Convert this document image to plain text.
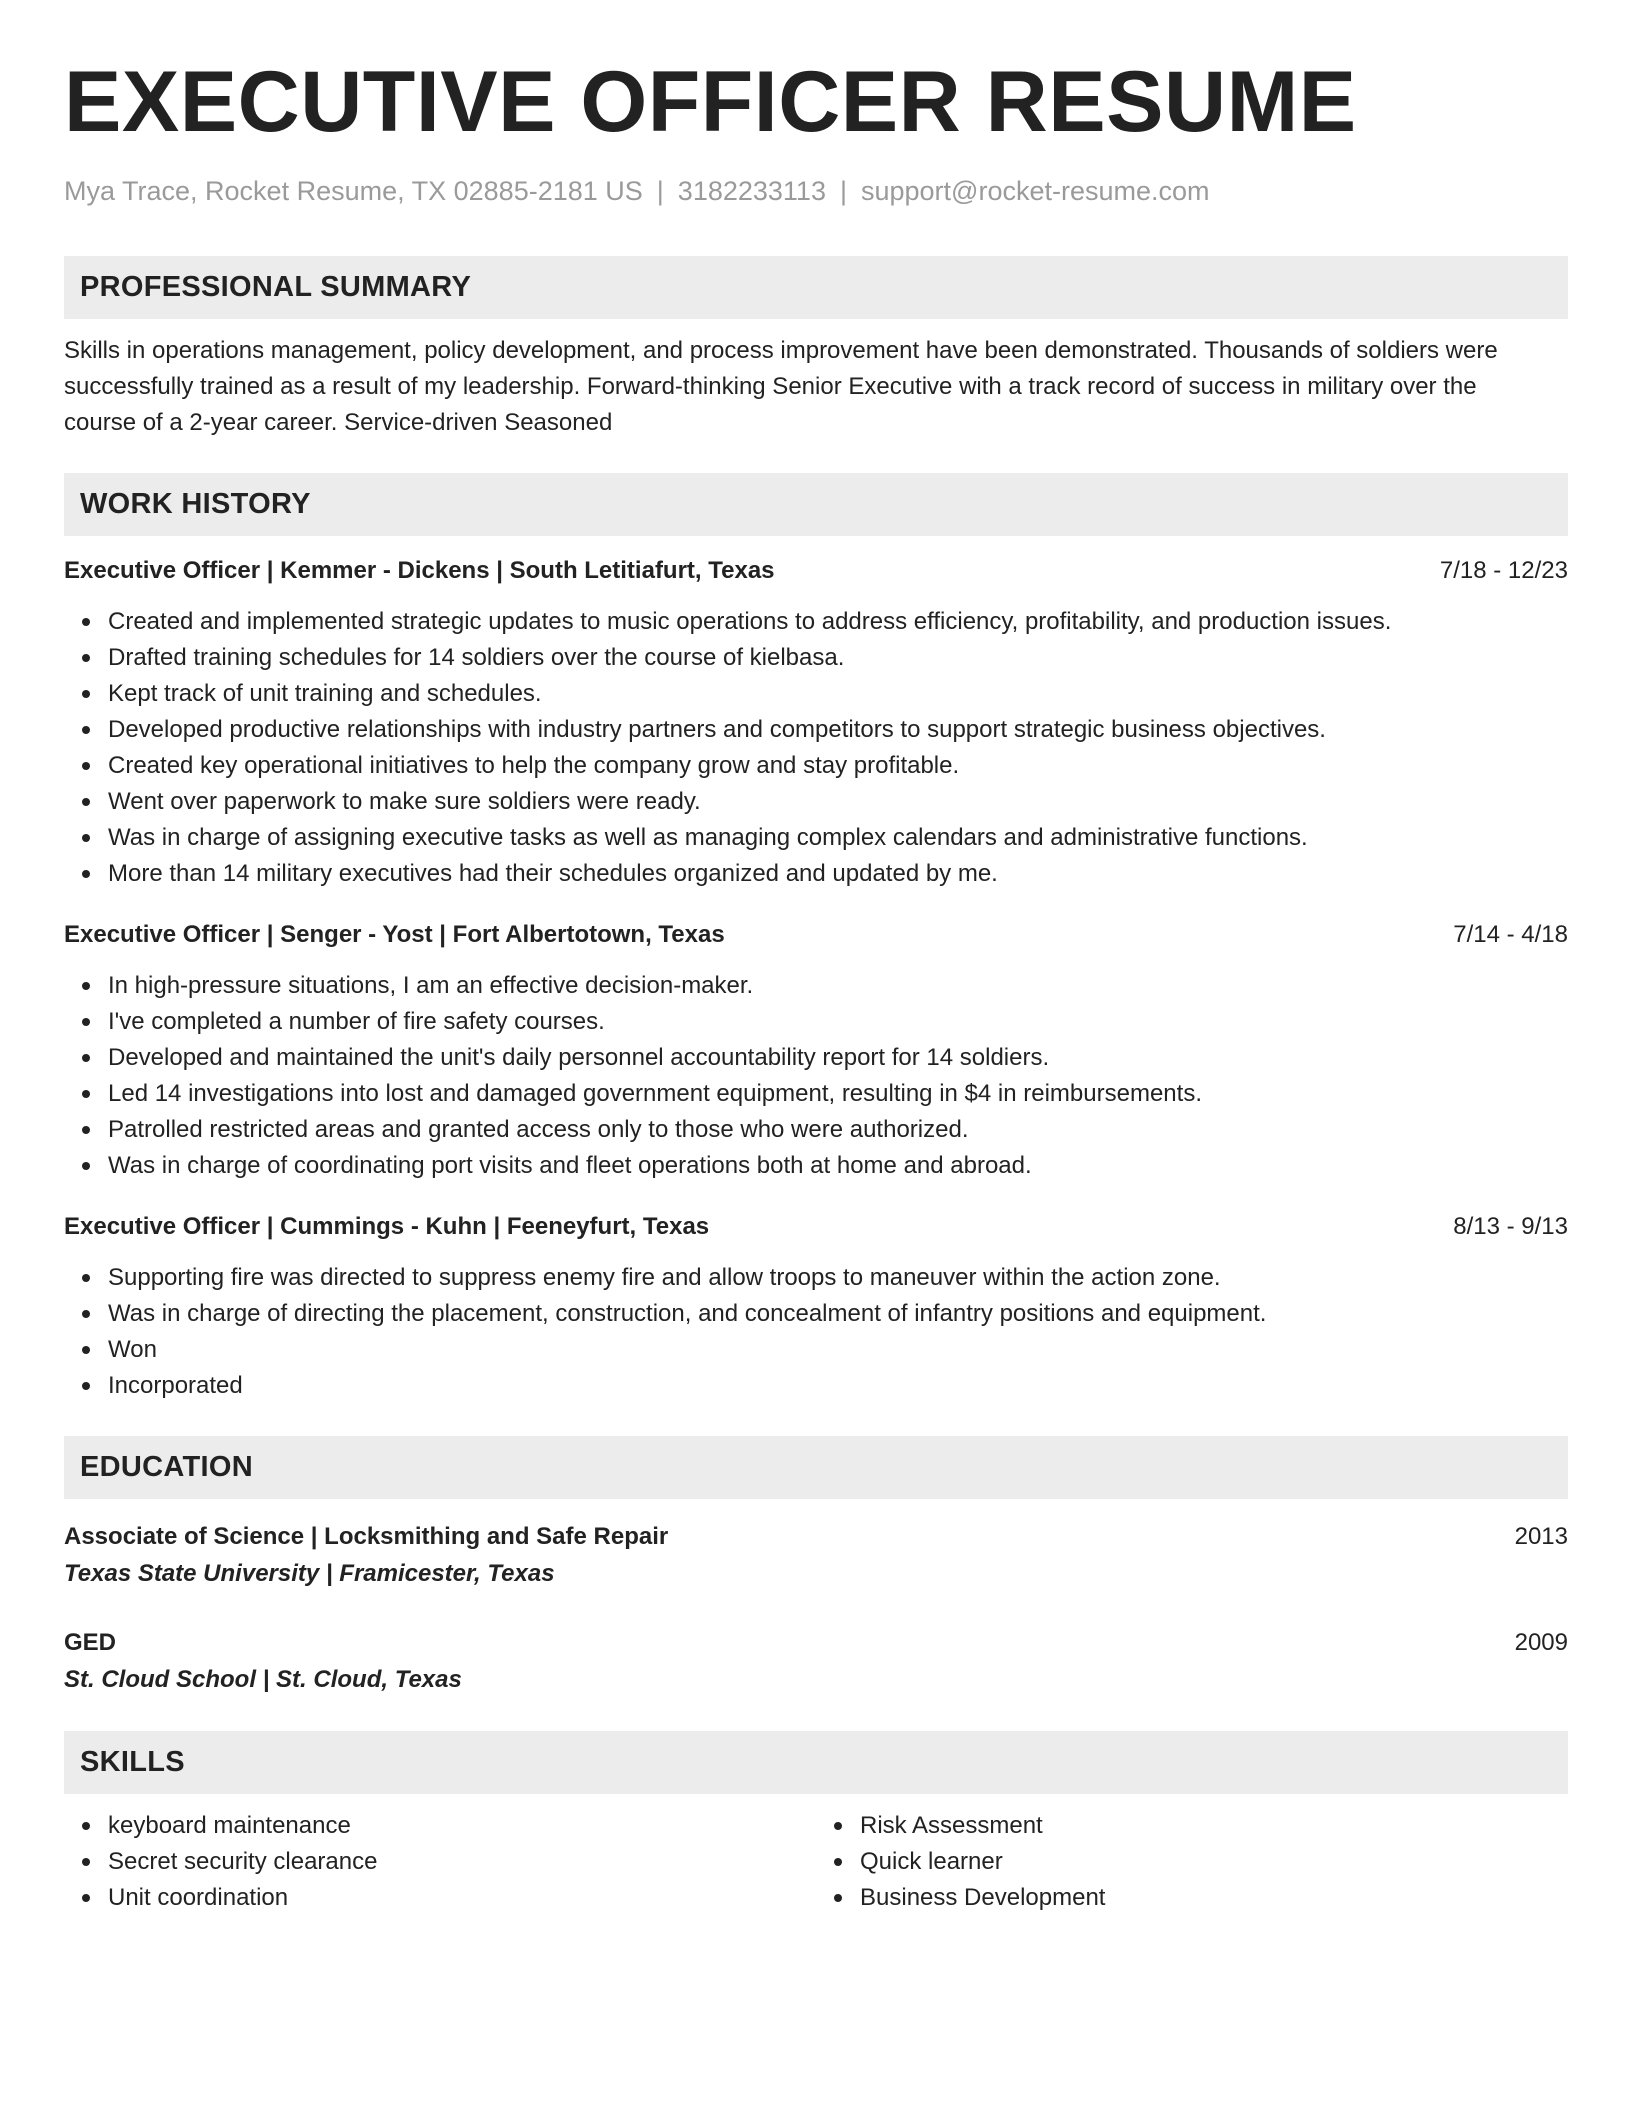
EXECUTIVE OFFICER RESUME
Mya Trace, Rocket Resume, TX 02885-2181 US | 3182233113 | support@rocket-resume.com
PROFESSIONAL SUMMARY
Skills in operations management, policy development, and process improvement have been demonstrated. Thousands of soldiers were
successfully trained as a result of my leadership. Forward-thinking Senior Executive with a track record of success in military over the
course of a 2-year career. Service-driven Seasoned
WORK HISTORY
Executive Officer | Kemmer - Dickens | South Letitiafurt, Texas	7/18 - 12/23
Created and implemented strategic updates to music operations to address efficiency, profitability, and production issues.
Drafted training schedules for 14 soldiers over the course of kielbasa.
Kept track of unit training and schedules.
Developed productive relationships with industry partners and competitors to support strategic business objectives.
Created key operational initiatives to help the company grow and stay profitable.
Went over paperwork to make sure soldiers were ready.
Was in charge of assigning executive tasks as well as managing complex calendars and administrative functions.
More than 14 military executives had their schedules organized and updated by me.
Executive Officer | Senger - Yost | Fort Albertotown, Texas	7/14 - 4/18
In high-pressure situations, I am an effective decision-maker.
I've completed a number of fire safety courses.
Developed and maintained the unit's daily personnel accountability report for 14 soldiers.
Led 14 investigations into lost and damaged government equipment, resulting in $4 in reimbursements.
Patrolled restricted areas and granted access only to those who were authorized.
Was in charge of coordinating port visits and fleet operations both at home and abroad.
Executive Officer | Cummings - Kuhn | Feeneyfurt, Texas	8/13 - 9/13
Supporting fire was directed to suppress enemy fire and allow troops to maneuver within the action zone.
Was in charge of directing the placement, construction, and concealment of infantry positions and equipment.
Won
Incorporated
EDUCATION
Associate of Science | Locksmithing and Safe Repair	2013
Texas State University | Framicester, Texas
GED	2009
St. Cloud School | St. Cloud, Texas
SKILLS
keyboard maintenance
Secret security clearance
Unit coordination
Risk Assessment
Quick learner
Business Development
